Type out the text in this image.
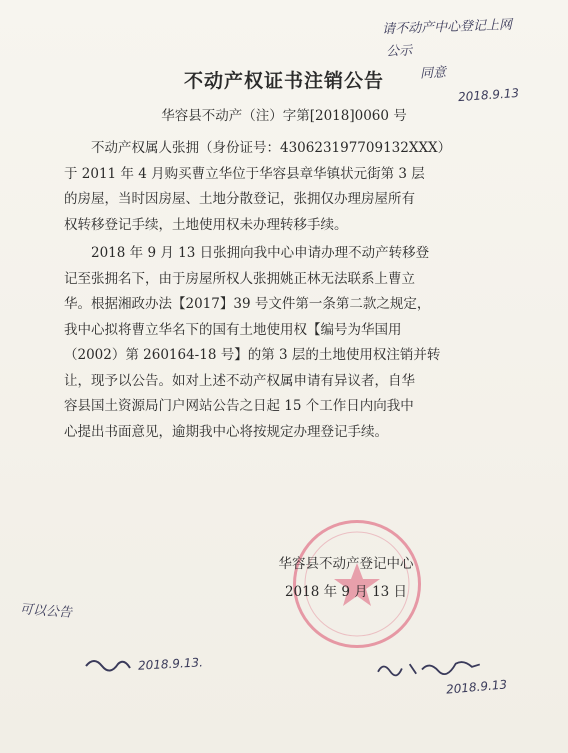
请不动产中心登记上网
公示
同意
2018.9.13
不动产权证书注销公告
华容县不动产（注）字第[2018]0060 号

不动产权属人张拥（身份证号：430623197709132XXX）

于 2011 年 4 月购买曹立华位于华容县章华镇状元街第 3 层
的房屋，当时因房屋、土地分散登记，张拥仅办理房屋所有
权转移登记手续，土地使用权未办理转移手续。

2018 年 9 月 13 日张拥向我中心申请办理不动产转移登

记至张拥名下，由于房屋所权人张拥姚正林无法联系上曹立
华。根据湘政办法【2017】39 号文件第一条第二款之规定，
我中心拟将曹立华名下的国有土地使用权【编号为华国用
（2002）第 260164-18 号】的第 3 层的土地使用权注销并转
让，现予以公告。如对上述不动产权属申请有异议者，自华
容县国土资源局门户网站公告之日起 15 个工作日内向我中
心提出书面意见，逾期我中心将按规定办理登记手续。

华容县不动产登记中心
2018 年 9 月 13 日
可以公告
2018.9.13.
2018.9.13
